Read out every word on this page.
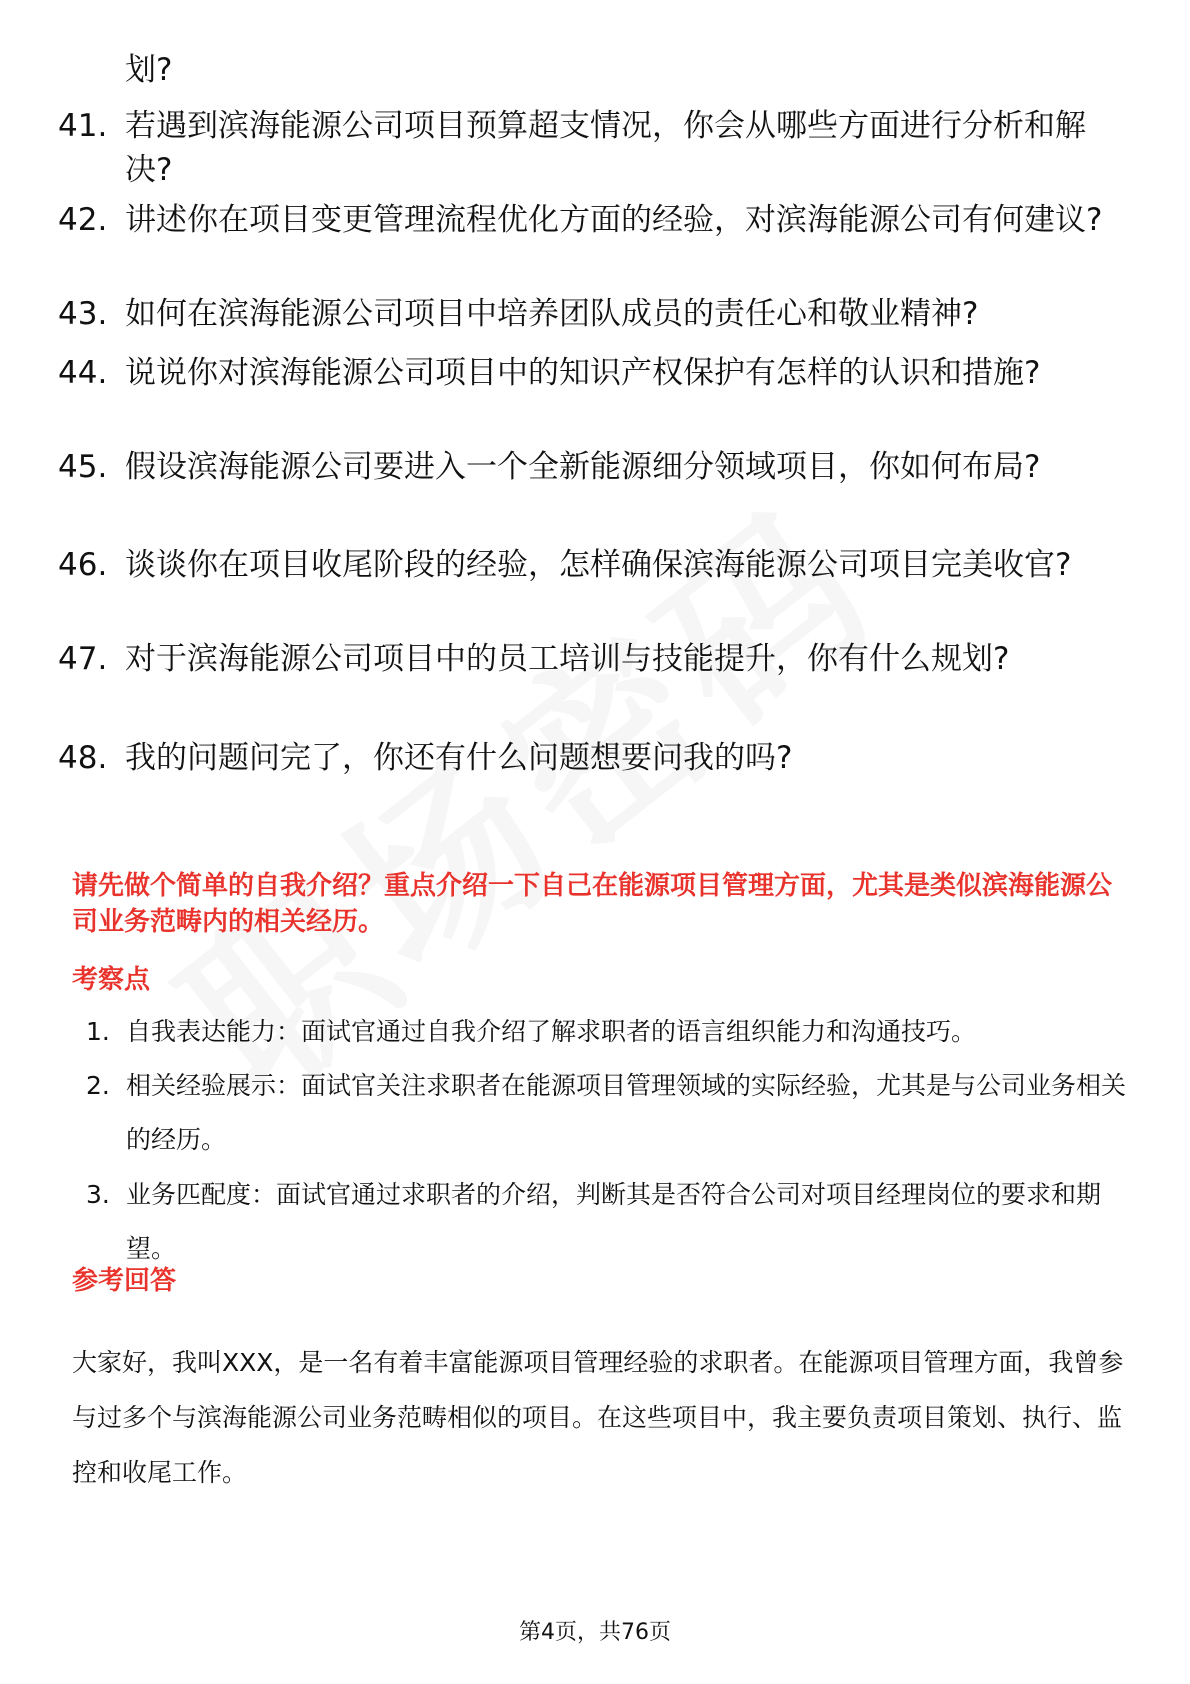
划?
41. 若遇到滨海能源公司项目预算超支情况，你会从哪些方面进行分析和解决?
42. 讲述你在项目变更管理流程优化方面的经验，对滨海能源公司有何建议?
43. 如何在滨海能源公司项目中培养团队成员的责任心和敬业精神?
44. 说说你对滨海能源公司项目中的知识产权保护有怎样的认识和措施?
45. 假设滨海能源公司要进入一个全新能源细分领域项目，你如何布局?
46. 谈谈你在项目收尾阶段的经验，怎样确保滨海能源公司项目完美收官?
47. 对于滨海能源公司项目中的员工培训与技能提升，你有什么规划?
48. 我的问题问完了，你还有什么问题想要问我的吗?
请先做个简单的自我介绍？重点介绍一下自己在能源项目管理方面，尤其是类似滨海能源公司业务范畴内的相关经历。
考察点
1. 自我表达能力：面试官通过自我介绍了解求职者的语言组织能力和沟通技巧。
2. 相关经验展示：面试官关注求职者在能源项目管理领域的实际经验，尤其是与公司业务相关的经历。
3. 业务匹配度：面试官通过求职者的介绍，判断其是否符合公司对项目经理岗位的要求和期望。
参考回答
大家好，我叫XXX，是一名有着丰富能源项目管理经验的求职者。在能源项目管理方面，我曾参与过多个与滨海能源公司业务范畴相似的项目。在这些项目中，我主要负责项目策划、执行、监控和收尾工作。
第4页，共76页
